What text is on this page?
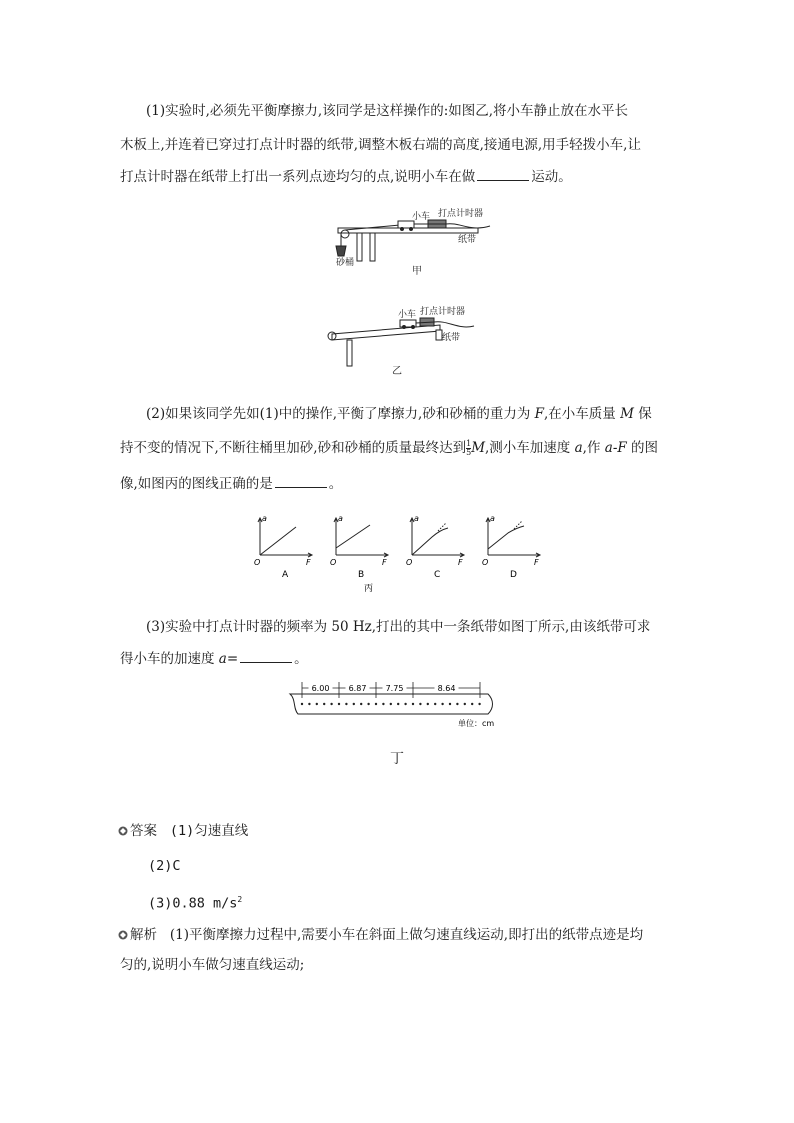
(1)实验时,必须先平衡摩擦力,该同学是这样操作的:如图乙,将小车静止放在水平长
木板上,并连着已穿过打点计时器的纸带,调整木板右端的高度,接通电源,用手轻拨小车,让
打点计时器在纸带上打出一系列点迹均匀的点,说明小车在做	运动。
小车 打点计时器
纸带
砂桶
甲
小车 打点计时器
纸带
乙
(2)如果该同学先如(1)中的操作,平衡了摩擦力,砂和砂桶的重力为 F,在小车质量 M 保
持不变的情况下,不断往桶里加砂,砂和砂桶的质量最终达到 $\frac{1}{5} M$,测小车加速度 a,作 a-F 的图
像,如图丙的图线正确的是	。
a
O	F
A
a
O	F
B
a
O	F
C
a
O	F
D
丙
(3)实验中打点计时器的频率为 50 Hz,打出的其中一条纸带如图丁所示,由该纸带可求
得小车的加速度 a=	。
6.00 6.87 7.75	8.64
单位：cm
丁
答案 (1)匀速直线
(2)C
(3)0.88 $m/s^2$
解析 (1)平衡摩擦力过程中,需要小车在斜面上做匀速直线运动,即打出的纸带点迹是均
匀的,说明小车做匀速直线运动;
